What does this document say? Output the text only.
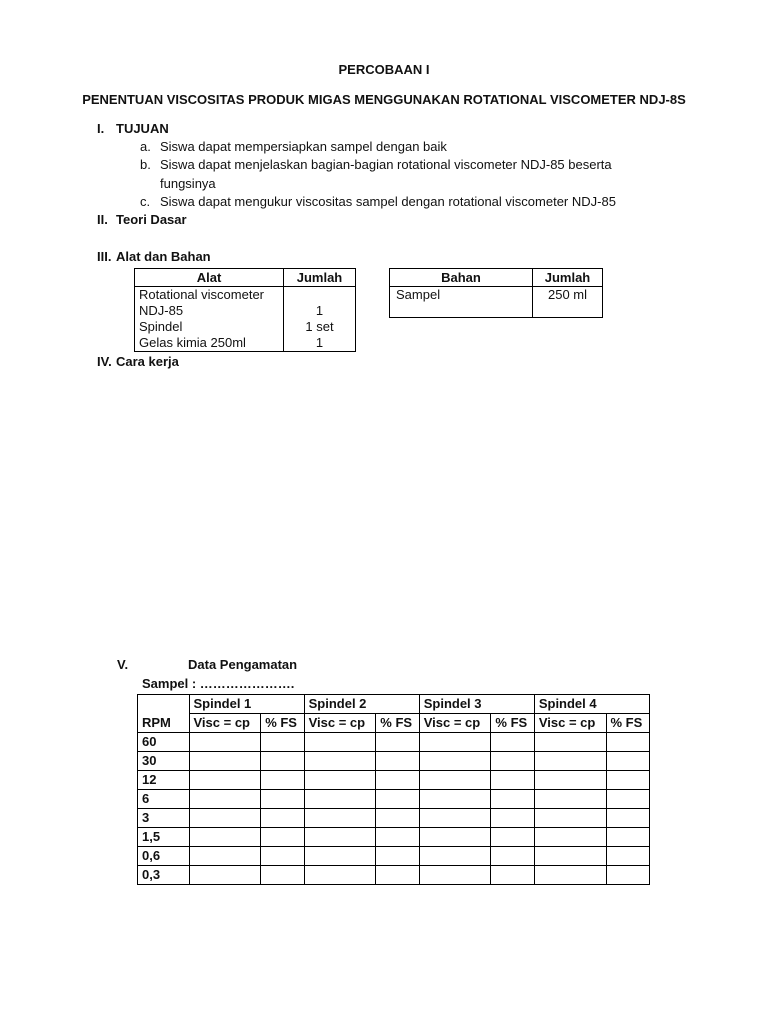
PERCOBAAN I
PENENTUAN VISCOSITAS PRODUK MIGAS MENGGUNAKAN ROTATIONAL VISCOMETER NDJ-8S
I. TUJUAN
a. Siswa dapat mempersiapkan sampel dengan baik
b. Siswa dapat menjelaskan bagian-bagian rotational viscometer NDJ-85 beserta
fungsinya
c. Siswa dapat mengukur viscositas sampel dengan rotational viscometer NDJ-85
II. Teori Dasar
III. Alat dan Bahan
Alat	Jumlah
Rotational viscometer	
NDJ-85	1
Spindel	1 set
Gelas kimia 250ml	1
Bahan	Jumlah
Sampel	250 ml
IV. Cara kerja
V.	Data Pengamatan
Sampel : ………………….
	Spindel 1		Spindel 2		Spindel 3		Spindel 4	
RPM	Visc = cp	% FS	Visc = cp	% FS	Visc = cp	% FS	Visc = cp	% FS
60								
30								
12								
6								
3								
1,5								
0,6								
0,3								
